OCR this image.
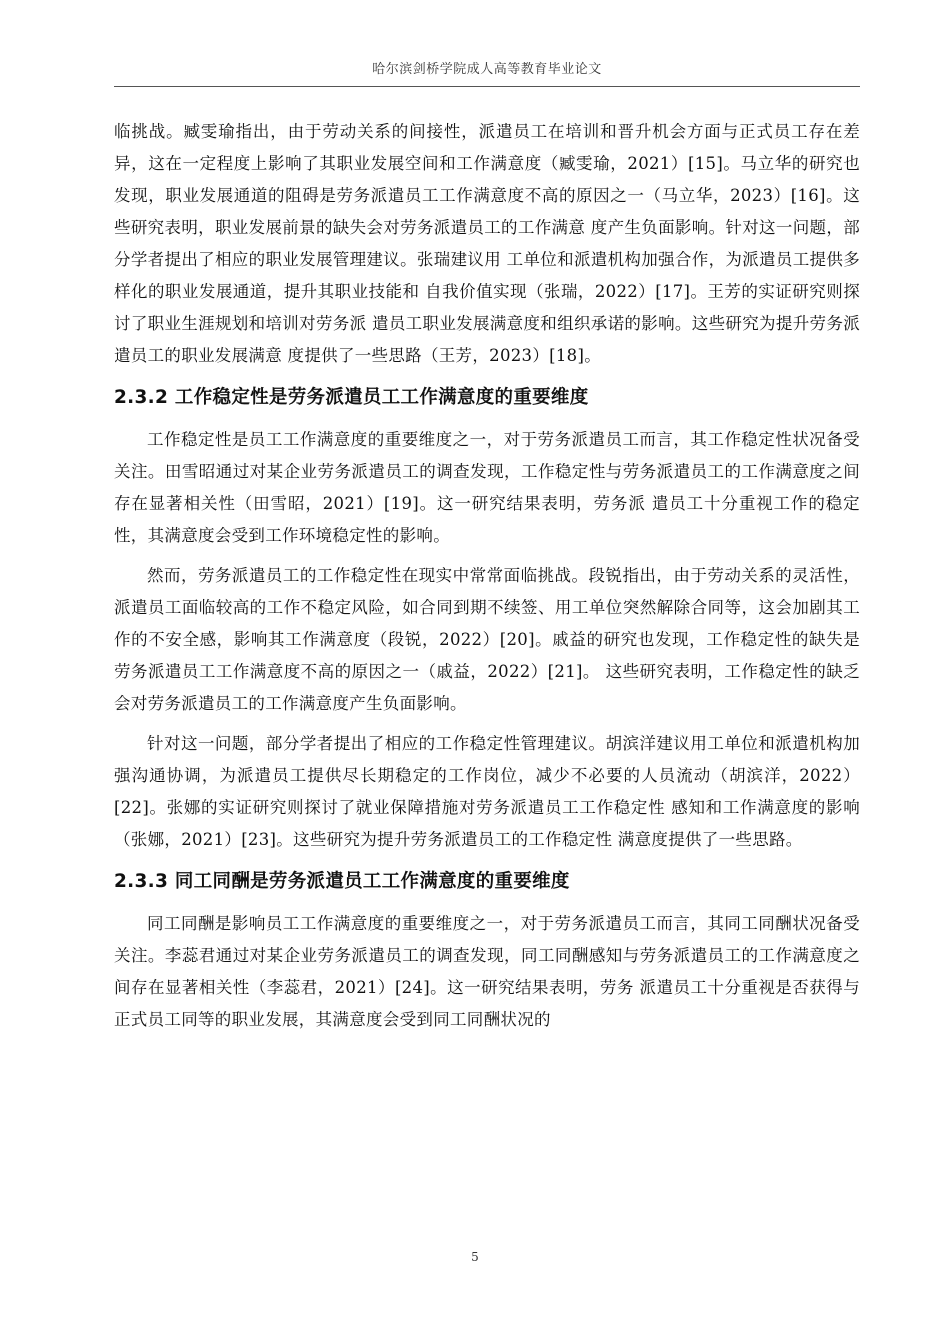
哈尔滨剑桥学院成人高等教育毕业论文

临挑战。臧雯瑜指出，由于劳动关系的间接性，派遣员工在培训和晋升机会方面与正式员工存在差异，这在一定程度上影响了其职业发展空间和工作满意度（臧雯瑜，2021）[15]。马立华的研究也发现，职业发展通道的阻碍是劳务派遣员工工作满意度不高的原因之一（马立华，2023）[16]。这些研究表明，职业发展前景的缺失会对劳务派遣员工的工作满意 度产生负面影响。针对这一问题，部分学者提出了相应的职业发展管理建议。张瑞建议用 工单位和派遣机构加强合作，为派遣员工提供多样化的职业发展通道，提升其职业技能和 自我价值实现（张瑞，2022）[17]。王芳的实证研究则探讨了职业生涯规划和培训对劳务派 遣员工职业发展满意度和组织承诺的影响。这些研究为提升劳务派遣员工的职业发展满意 度提供了一些思路（王芳，2023）[18]。

2.3.2 工作稳定性是劳务派遣员工工作满意度的重要维度

工作稳定性是员工工作满意度的重要维度之一，对于劳务派遣员工而言，其工作稳定性状况备受关注。田雪昭通过对某企业劳务派遣员工的调查发现，工作稳定性与劳务派遣员工的工作满意度之间存在显著相关性（田雪昭，2021）[19]。这一研究结果表明，劳务派 遣员工十分重视工作的稳定性，其满意度会受到工作环境稳定性的影响。

然而，劳务派遣员工的工作稳定性在现实中常常面临挑战。段锐指出，由于劳动关系的灵活性，派遣员工面临较高的工作不稳定风险，如合同到期不续签、用工单位突然解除合同等，这会加剧其工作的不安全感，影响其工作满意度（段锐，2022）[20]。戚益的研究也发现，工作稳定性的缺失是劳务派遣员工工作满意度不高的原因之一（戚益，2022）[21]。 这些研究表明，工作稳定性的缺乏会对劳务派遣员工的工作满意度产生负面影响。

针对这一问题，部分学者提出了相应的工作稳定性管理建议。胡滨洋建议用工单位和派遣机构加强沟通协调，为派遣员工提供尽长期稳定的工作岗位，减少不必要的人员流动（胡滨洋，2022）[22]。张娜的实证研究则探讨了就业保障措施对劳务派遣员工工作稳定性 感知和工作满意度的影响（张娜，2021）[23]。这些研究为提升劳务派遣员工的工作稳定性 满意度提供了一些思路。

2.3.3 同工同酬是劳务派遣员工工作满意度的重要维度

同工同酬是影响员工工作满意度的重要维度之一，对于劳务派遣员工而言，其同工同酬状况备受关注。李蕊君通过对某企业劳务派遣员工的调查发现，同工同酬感知与劳务派遣员工的工作满意度之间存在显著相关性（李蕊君，2021）[24]。这一研究结果表明，劳务 派遣员工十分重视是否获得与正式员工同等的职业发展，其满意度会受到同工同酬状况的

5
